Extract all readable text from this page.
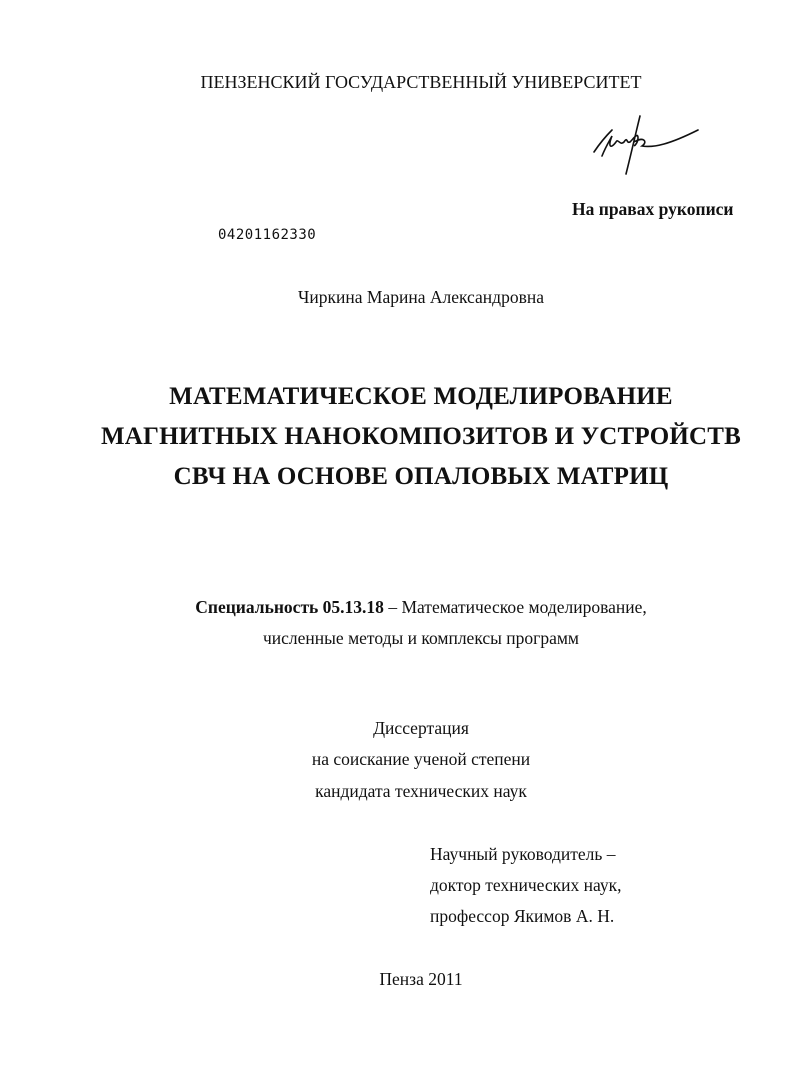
ПЕНЗЕНСКИЙ ГОСУДАРСТВЕННЫЙ УНИВЕРСИТЕТ
На правах рукописи
04201162330
Чиркина Марина Александровна
МАТЕМАТИЧЕСКОЕ МОДЕЛИРОВАНИЕ
МАГНИТНЫХ НАНОКОМПОЗИТОВ И УСТРОЙСТВ
СВЧ НА ОСНОВЕ ОПАЛОВЫХ МАТРИЦ
Специальность 05.13.18 – Математическое моделирование,
численные методы и комплексы программ
Диссертация
на соискание ученой степени
кандидата технических наук
Научный руководитель –
доктор технических наук,
профессор Якимов А. Н.
Пенза 2011
